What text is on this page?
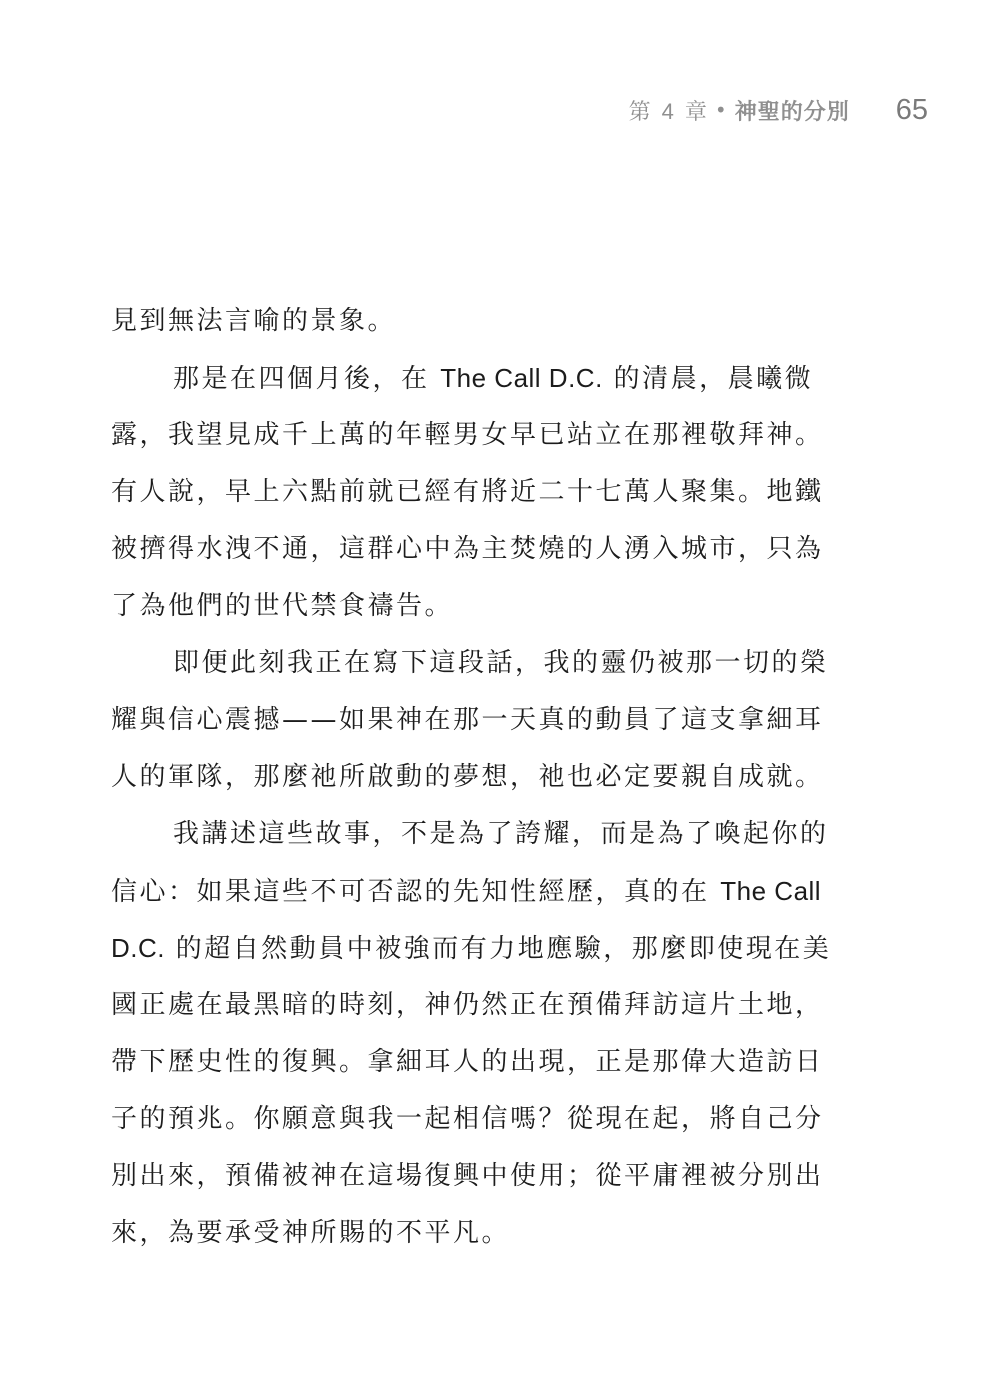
第 4 章 • 神聖的分別 65
見到無法言喻的景象。
那是在四個月後，在 The Call D.C. 的清晨，晨曦微
露，我望見成千上萬的年輕男女早已站立在那裡敬拜神。
有人說，早上六點前就已經有將近二十七萬人聚集。地鐵
被擠得水洩不通，這群心中為主焚燒的人湧入城市，只為
了為他們的世代禁食禱告。
即便此刻我正在寫下這段話，我的靈仍被那一切的榮
耀與信心震撼——如果神在那一天真的動員了這支拿細耳
人的軍隊，那麼祂所啟動的夢想，祂也必定要親自成就。
我講述這些故事，不是為了誇耀，而是為了喚起你的
信心：如果這些不可否認的先知性經歷，真的在 The Call
D.C. 的超自然動員中被強而有力地應驗，那麼即使現在美
國正處在最黑暗的時刻，神仍然正在預備拜訪這片土地，
帶下歷史性的復興。拿細耳人的出現，正是那偉大造訪日
子的預兆。你願意與我一起相信嗎？從現在起，將自己分
別出來，預備被神在這場復興中使用；從平庸裡被分別出
來，為要承受神所賜的不平凡。
